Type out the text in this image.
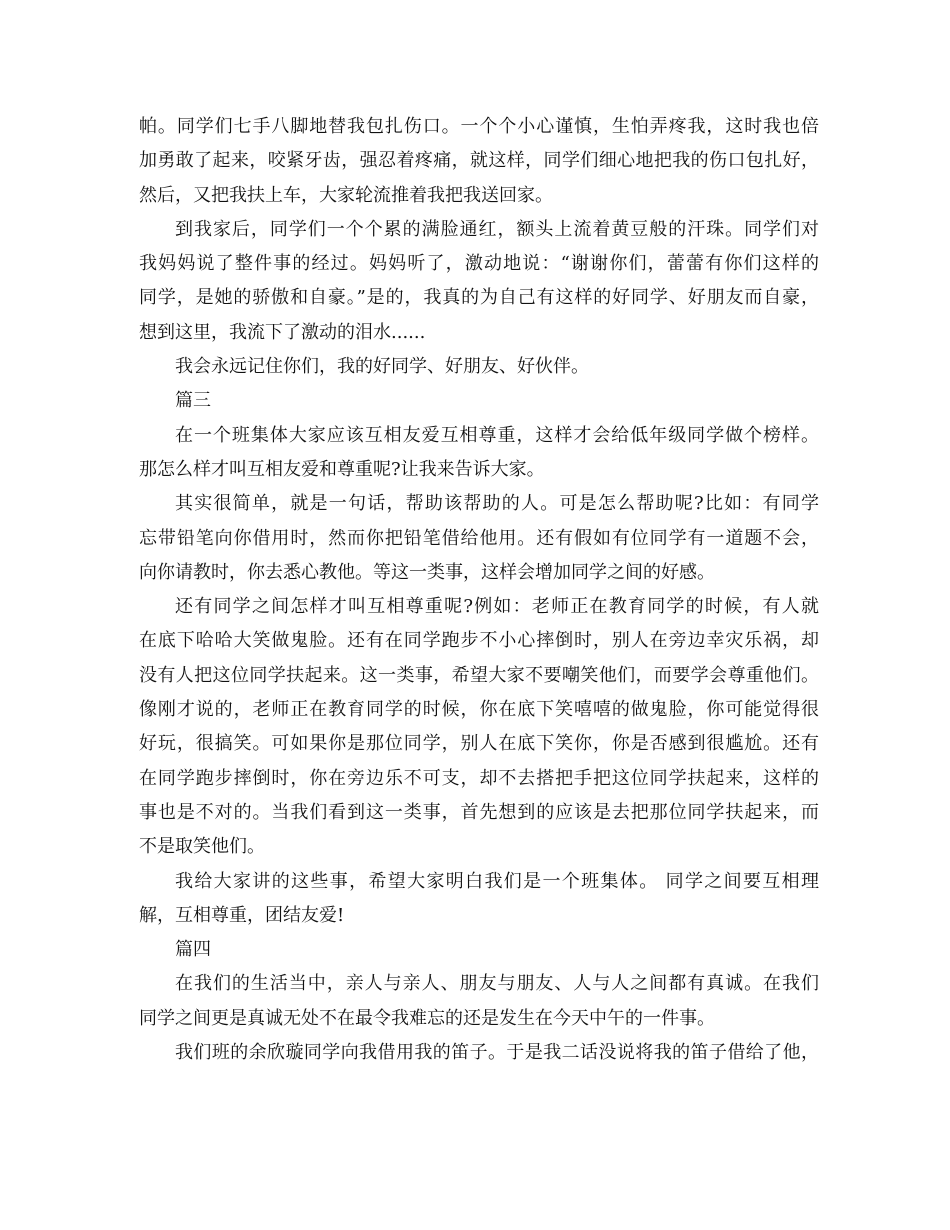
帕。同学们七手八脚地替我包扎伤口。一个个小心谨慎，生怕弄疼我，这时我也倍
加勇敢了起来，咬紧牙齿，强忍着疼痛，就这样，同学们细心地把我的伤口包扎好，
然后，又把我扶上车，大家轮流推着我把我送回家。
到我家后，同学们一个个累的满脸通红，额头上流着黄豆般的汗珠。同学们对
我妈妈说了整件事的经过。妈妈听了，激动地说：“谢谢你们，蕾蕾有你们这样的
同学，是她的骄傲和自豪。”是的，我真的为自己有这样的好同学、好朋友而自豪，
想到这里，我流下了激动的泪水......
我会永远记住你们，我的好同学、好朋友、好伙伴。
篇三
在一个班集体大家应该互相友爱互相尊重，这样才会给低年级同学做个榜样。
那怎么样才叫互相友爱和尊重呢?让我来告诉大家。
其实很简单，就是一句话，帮助该帮助的人。可是怎么帮助呢?比如：有同学
忘带铅笔向你借用时，然而你把铅笔借给他用。还有假如有位同学有一道题不会，
向你请教时，你去悉心教他。等这一类事，这样会增加同学之间的好感。
还有同学之间怎样才叫互相尊重呢?例如：老师正在教育同学的时候，有人就
在底下哈哈大笑做鬼脸。还有在同学跑步不小心摔倒时，别人在旁边幸灾乐祸，却
没有人把这位同学扶起来。这一类事，希望大家不要嘲笑他们，而要学会尊重他们。
像刚才说的，老师正在教育同学的时候，你在底下笑嘻嘻的做鬼脸，你可能觉得很
好玩，很搞笑。可如果你是那位同学，别人在底下笑你，你是否感到很尴尬。还有
在同学跑步摔倒时，你在旁边乐不可支，却不去搭把手把这位同学扶起来，这样的
事也是不对的。当我们看到这一类事，首先想到的应该是去把那位同学扶起来，而
不是取笑他们。
我给大家讲的这些事，希望大家明白我们是一个班集体。 同学之间要互相理
解，互相尊重，团结友爱!
篇四
在我们的生活当中，亲人与亲人、朋友与朋友、人与人之间都有真诚。在我们
同学之间更是真诚无处不在最令我难忘的还是发生在今天中午的一件事。
我们班的余欣璇同学向我借用我的笛子。于是我二话没说将我的笛子借给了他，
